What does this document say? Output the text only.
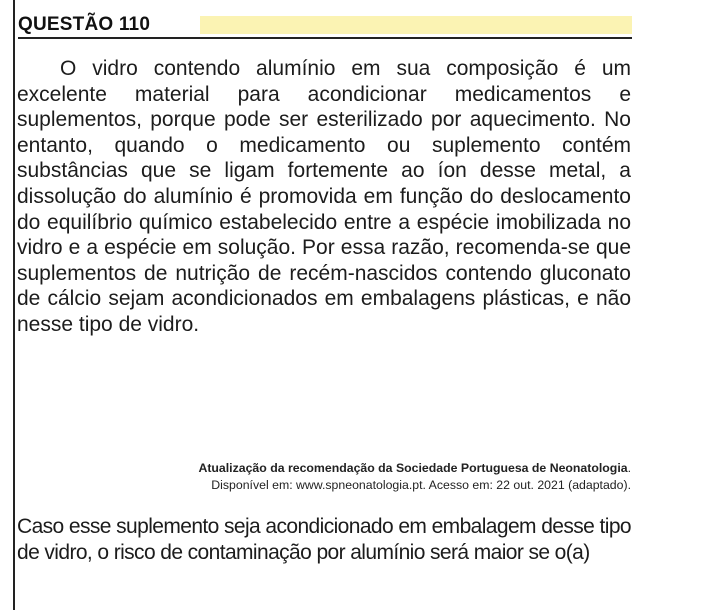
QUESTÃO 110

O vidro contendo alumínio em sua composição é um excelente material para acondicionar medicamentos e suplementos, porque pode ser esterilizado por aquecimento. No entanto, quando o medicamento ou suplemento contém substâncias que se ligam fortemente ao íon desse metal, a dissolução do alumínio é promovida em função do deslocamento do equilíbrio químico estabelecido entre a espécie imobilizada no vidro e a espécie em solução. Por essa razão, recomenda-se que suplementos de nutrição de recém-nascidos contendo gluconato de cálcio sejam acondicionados em embalagens plásticas, e não nesse tipo de vidro.

Atualização da recomendação da Sociedade Portuguesa de Neonatologia.
Disponível em: www.spneonatologia.pt. Acesso em: 22 out. 2021 (adaptado).

Caso esse suplemento seja acondicionado em embalagem desse tipo de vidro, o risco de contaminação por alumínio será maior se o(a)
